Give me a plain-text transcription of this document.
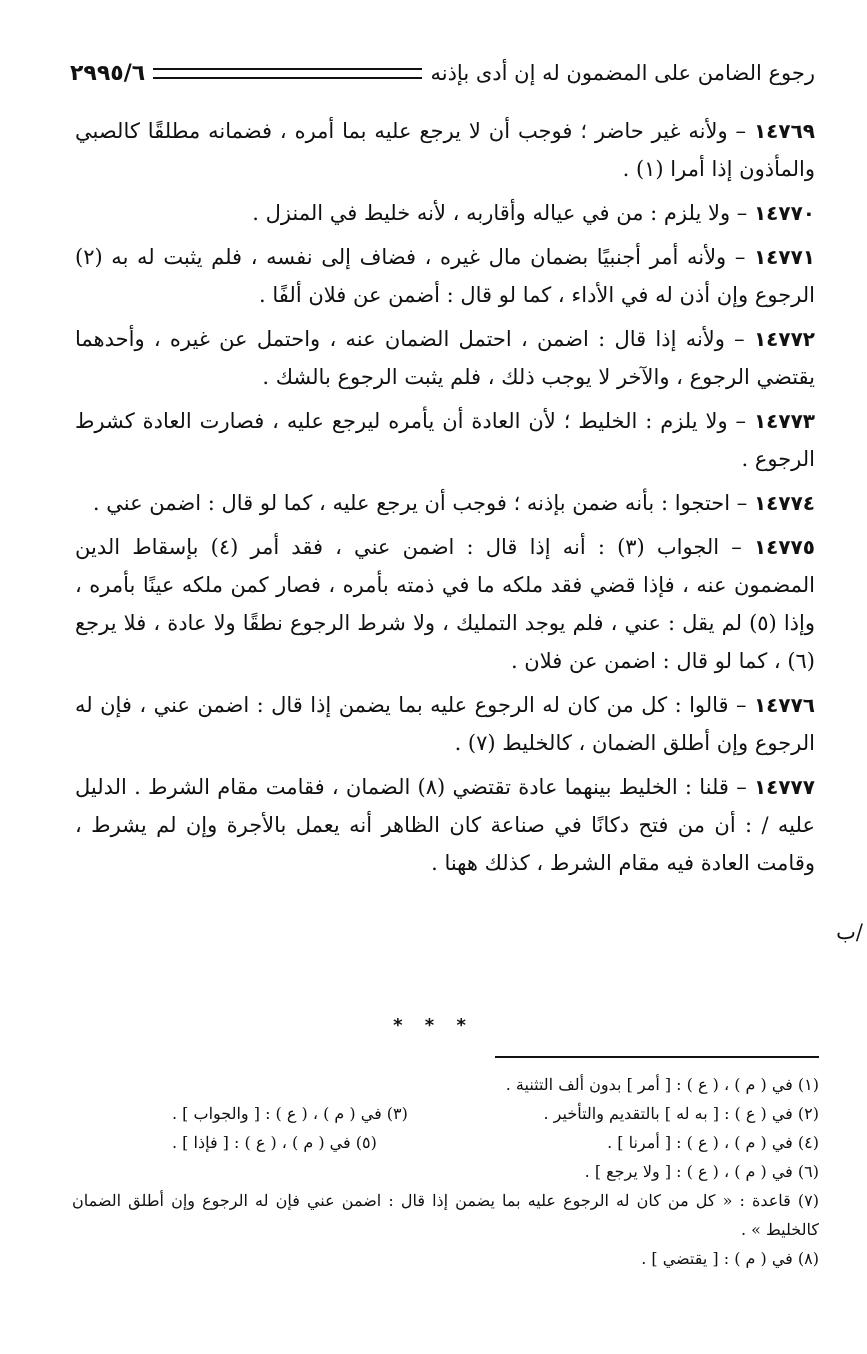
رجوع الضامن على المضمون له إن أدى بإذنه
٢٩٩٥/٦

١٤٧٦٩ – ولأنه غير حاضر ؛ فوجب أن لا يرجع عليه بما أمره ، فضمانه مطلقًا كالصبي والمأذون إذا أمرا (١) .

١٤٧٧٠ – ولا يلزم : من في عياله وأقاربه ، لأنه خليط في المنزل .

١٤٧٧١ – ولأنه أمر أجنبيًا بضمان مال غيره ، فضاف إلى نفسه ، فلم يثبت له به (٢) الرجوع وإن أذن له في الأداء ، كما لو قال : أضمن عن فلان ألفًا .

١٤٧٧٢ – ولأنه إذا قال : اضمن ، احتمل الضمان عنه ، واحتمل عن غيره ، وأحدهما يقتضي الرجوع ، والآخر لا يوجب ذلك ، فلم يثبت الرجوع بالشك .

١٤٧٧٣ – ولا يلزم : الخليط ؛ لأن العادة أن يأمره ليرجع عليه ، فصارت العادة كشرط الرجوع .

١٤٧٧٤ – احتجوا : بأنه ضمن بإذنه ؛ فوجب أن يرجع عليه ، كما لو قال : اضمن عني .

١٤٧٧٥ – الجواب (٣) : أنه إذا قال : اضمن عني ، فقد أمر (٤) بإسقاط الدين المضمون عنه ، فإذا قضي فقد ملكه ما في ذمته بأمره ، فصار كمن ملكه عينًا بأمره ، وإذا (٥) لم يقل : عني ، فلم يوجد التمليك ، ولا شرط الرجوع نطقًا ولا عادة ، فلا يرجع (٦) ، كما لو قال : اضمن عن فلان .

١٤٧٧٦ – قالوا : كل من كان له الرجوع عليه بما يضمن إذا قال : اضمن عني ، فإن له الرجوع وإن أطلق الضمان ، كالخليط (٧) .

١٤٧٧٧ – قلنا : الخليط بينهما عادة تقتضي (٨) الضمان ، فقامت مقام الشرط . الدليل عليه / : أن من فتح دكانًا في صناعة كان الظاهر أنه يعمل بالأجرة وإن لم يشرط ، وقامت العادة فيه مقام الشرط ، كذلك ههنا .

/ب
* * *
(١) في ( م ) ، ( ع ) : [ أمر ] بدون ألف التثنية .
(٢) في ( ع ) : [ به له ] بالتقديم والتأخير .
(٣) في ( م ) ، ( ع ) : [ والجواب ] .
(٤) في ( م ) ، ( ع ) : [ أمرنا ] .
(٥) في ( م ) ، ( ع ) : [ فإذا ] .
(٦) في ( م ) ، ( ع ) : [ ولا يرجع ] .
(٧) قاعدة : « كل من كان له الرجوع عليه بما يضمن إذا قال : اضمن عني فإن له الرجوع وإن أطلق الضمان كالخليط » .
(٨) في ( م ) : [ يقتضي ] .
